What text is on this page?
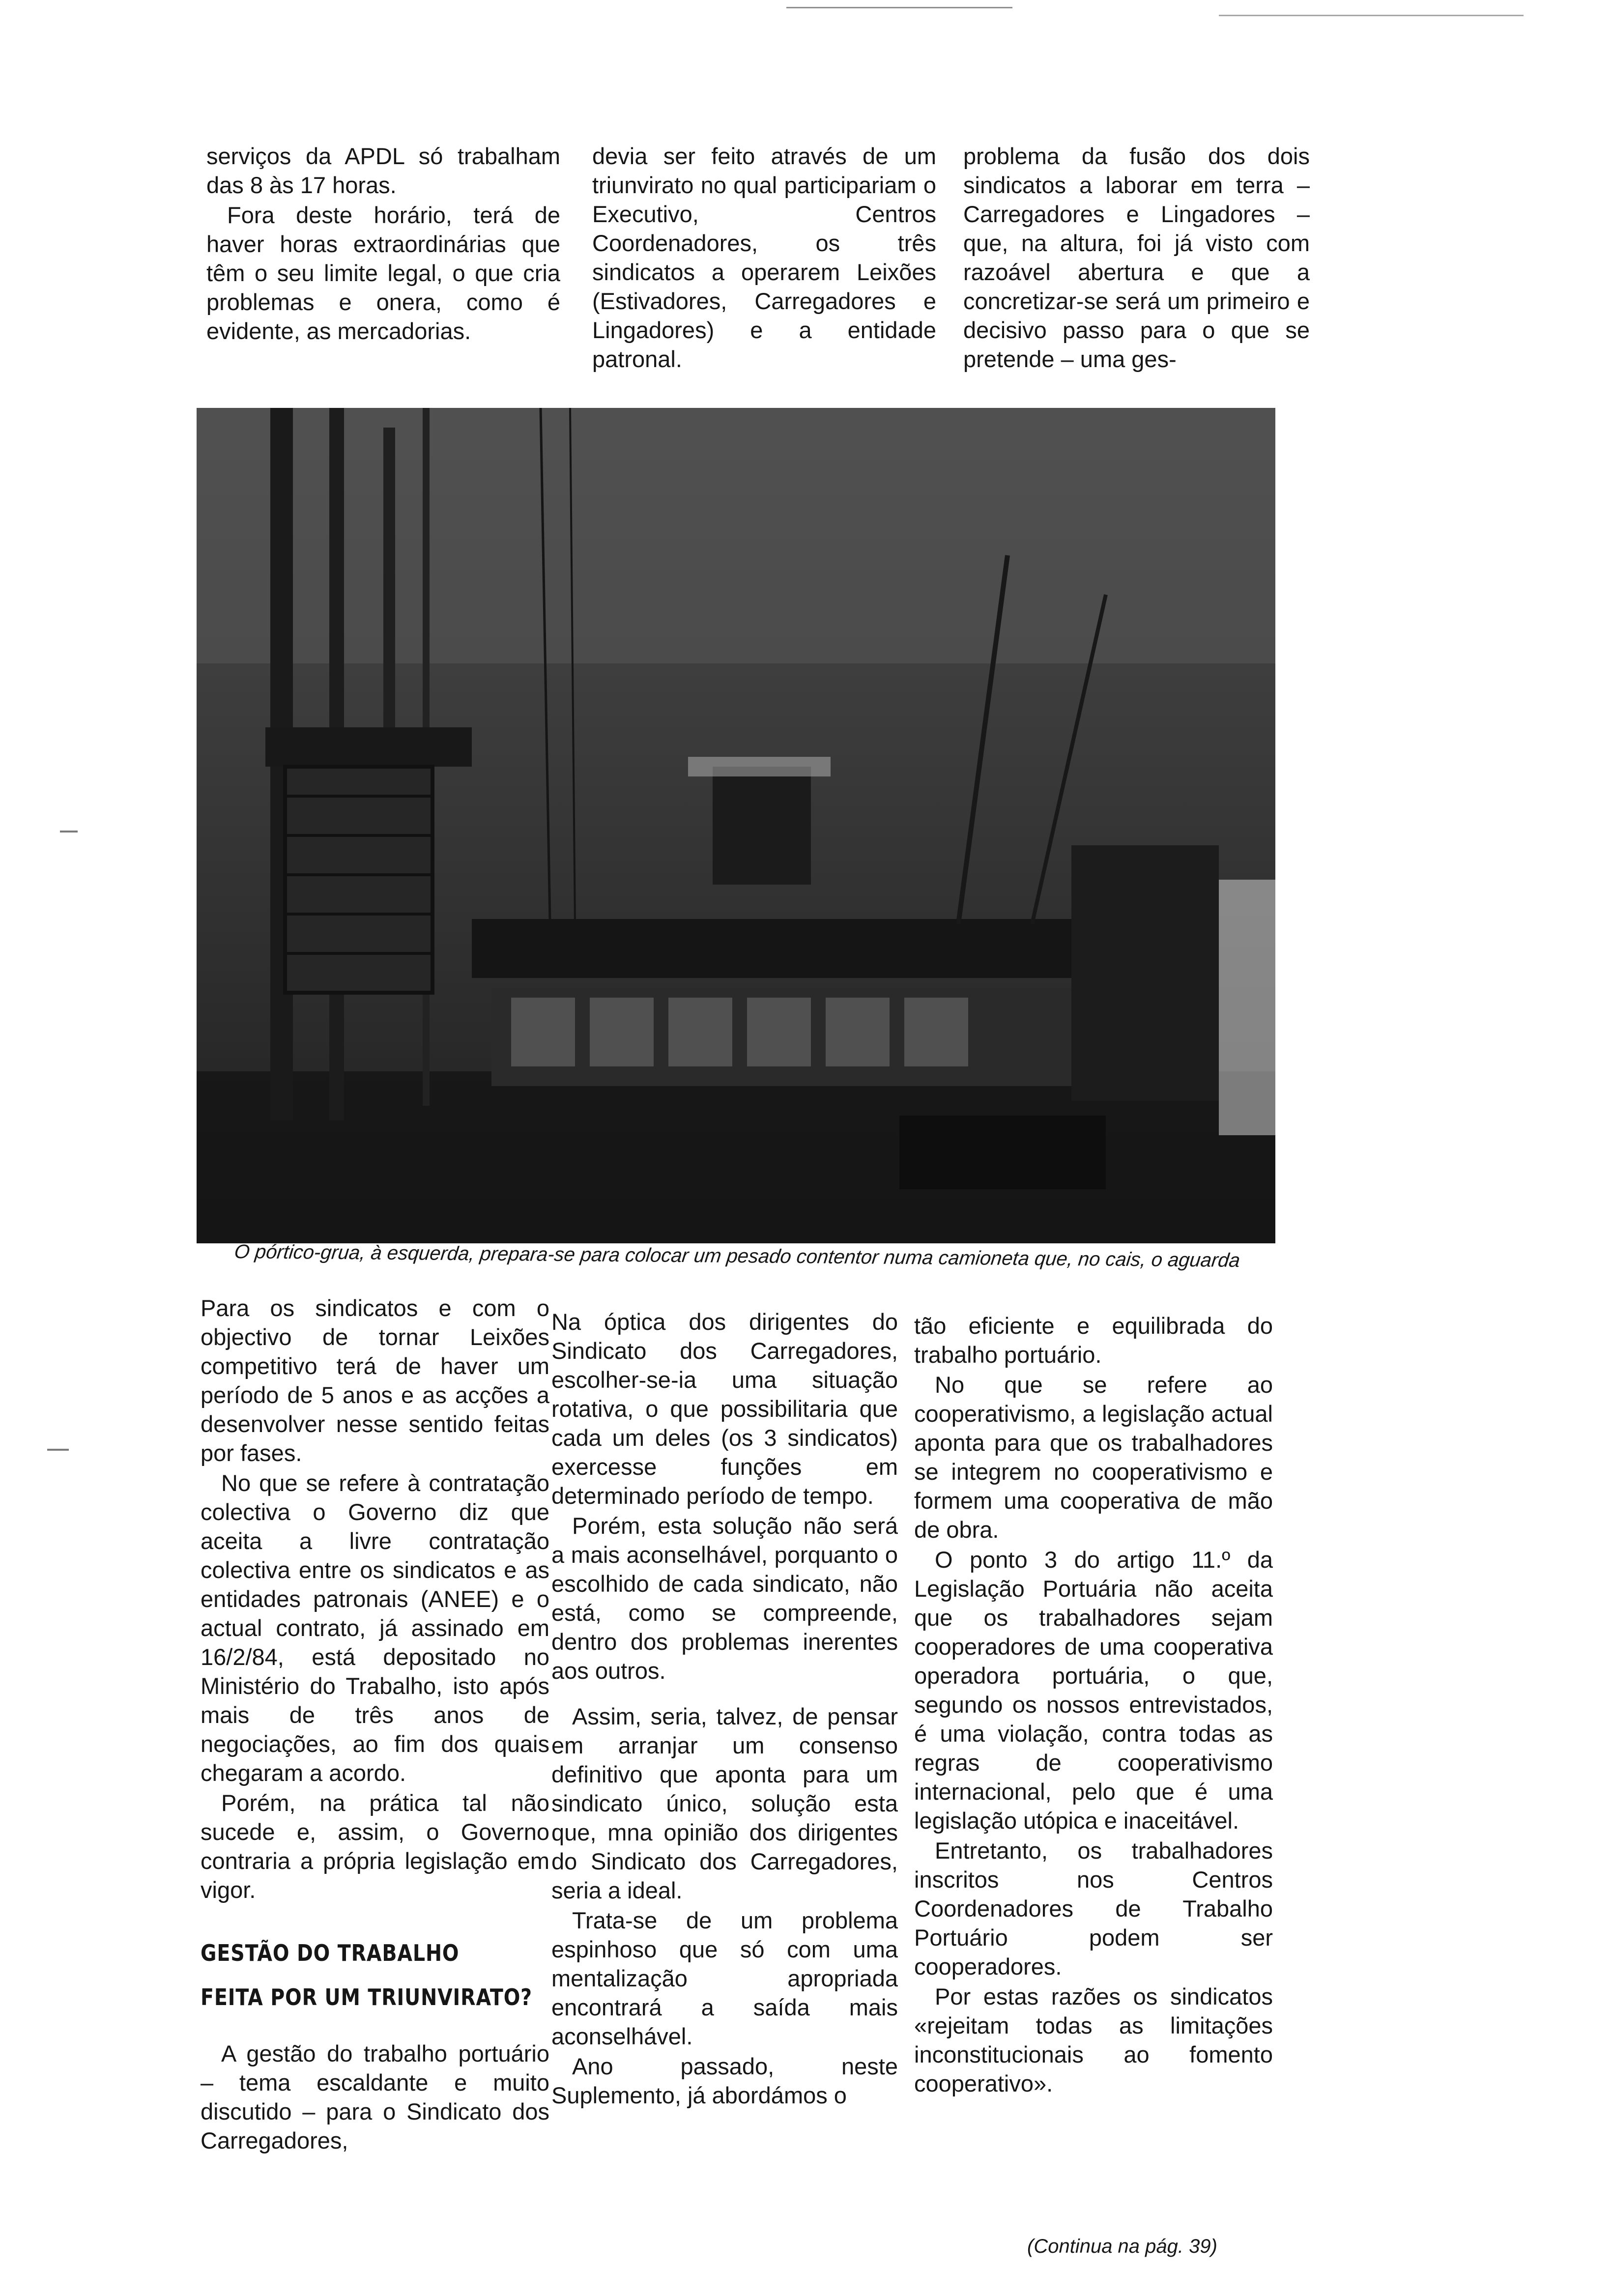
serviços da APDL só trabalham das 8 às 17 horas.

Fora deste horário, terá de haver horas extraordinárias que têm o seu limite legal, o que cria problemas e onera, como é evidente, as mercadorias.

devia ser feito através de um triunvirato no qual participariam o Executivo, Centros Coordenadores, os três sindicatos a operarem Leixões (Estivadores, Carregadores e Lingadores) e a entidade patronal.

problema da fusão dos dois sindicatos a laborar em terra – Carregadores e Lingadores – que, na altura, foi já visto com razoável abertura e que a concretizar-se será um primeiro e decisivo passo para o que se pretende – uma ges-

O pórtico-grua, à esquerda, prepara-se para colocar um pesado contentor numa camioneta que, no cais, o aguarda

Para os sindicatos e com o objectivo de tornar Leixões competitivo terá de haver um período de 5 anos e as acções a desenvolver nesse sentido feitas por fases.

No que se refere à contratação colectiva o Governo diz que aceita a livre contratação colectiva entre os sindicatos e as entidades patronais (ANEE) e o actual contrato, já assinado em 16/2/84, está depositado no Ministério do Trabalho, isto após mais de três anos de negociações, ao fim dos quais chegaram a acordo.

Porém, na prática tal não sucede e, assim, o Governo contraria a própria legislação em vigor.

GESTÃO DO TRABALHO
FEITA POR UM TRIUNVIRATO?

A gestão do trabalho portuário – tema escaldante e muito discutido – para o Sindicato dos Carregadores,

Na óptica dos dirigentes do Sindicato dos Carregadores, escolher-se-ia uma situação rotativa, o que possibilitaria que cada um deles (os 3 sindicatos) exercesse funções em determinado período de tempo.

Porém, esta solução não será a mais aconselhável, porquanto o escolhido de cada sindicato, não está, como se compreende, dentro dos problemas inerentes aos outros.

Assim, seria, talvez, de pensar em arranjar um consenso definitivo que aponta para um sindicato único, solução esta que, mna opinião dos dirigentes do Sindicato dos Carregadores, seria a ideal.

Trata-se de um problema espinhoso que só com uma mentalização apropriada encontrará a saída mais aconselhável.

Ano passado, neste Suplemento, já abordámos o

tão eficiente e equilibrada do trabalho portuário.

No que se refere ao cooperativismo, a legislação actual aponta para que os trabalhadores se integrem no cooperativismo e formem uma cooperativa de mão de obra.

O ponto 3 do artigo 11.º da Legislação Portuária não aceita que os trabalhadores sejam cooperadores de uma cooperativa operadora portuária, o que, segundo os nossos entrevistados, é uma violação, contra todas as regras de cooperativismo internacional, pelo que é uma legislação utópica e inaceitável.

Entretanto, os trabalhadores inscritos nos Centros Coordenadores de Trabalho Portuário podem ser cooperadores.

Por estas razões os sindicatos «rejeitam todas as limitações inconstitucionais ao fomento cooperativo».

(Continua na pág. 39)
